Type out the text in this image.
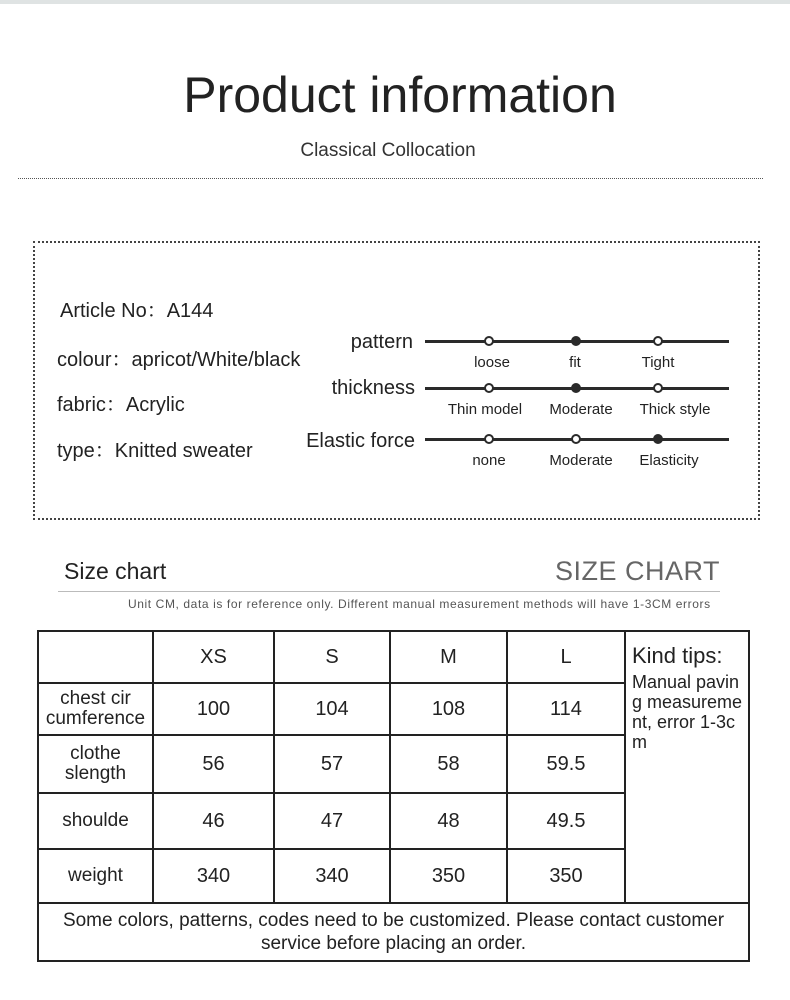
Product information
Classical Collocation
Article No：A144
colour：apricot/White/black
fabric：Acrylic
type：Knitted sweater
pattern
loose	fit	Tight
thickness
Thin model	Moderate	Thick style
Elastic force
none	Moderate	Elasticity
Size chart	SIZE CHART
Unit CM, data is for reference only. Different manual measurement methods will have 1-3CM errors
	XS	S	M	L	Kind tips:
Manual paving measurement, error 1-3cm

chest cir cumference	100	104	108	114	
clothe slength	56	57	58	59.5	
shoulde	46	47	48	49.5	
weight	340	340	350	350	
Some colors, patterns, codes need to be customized. Please contact customer service before placing an order.					
